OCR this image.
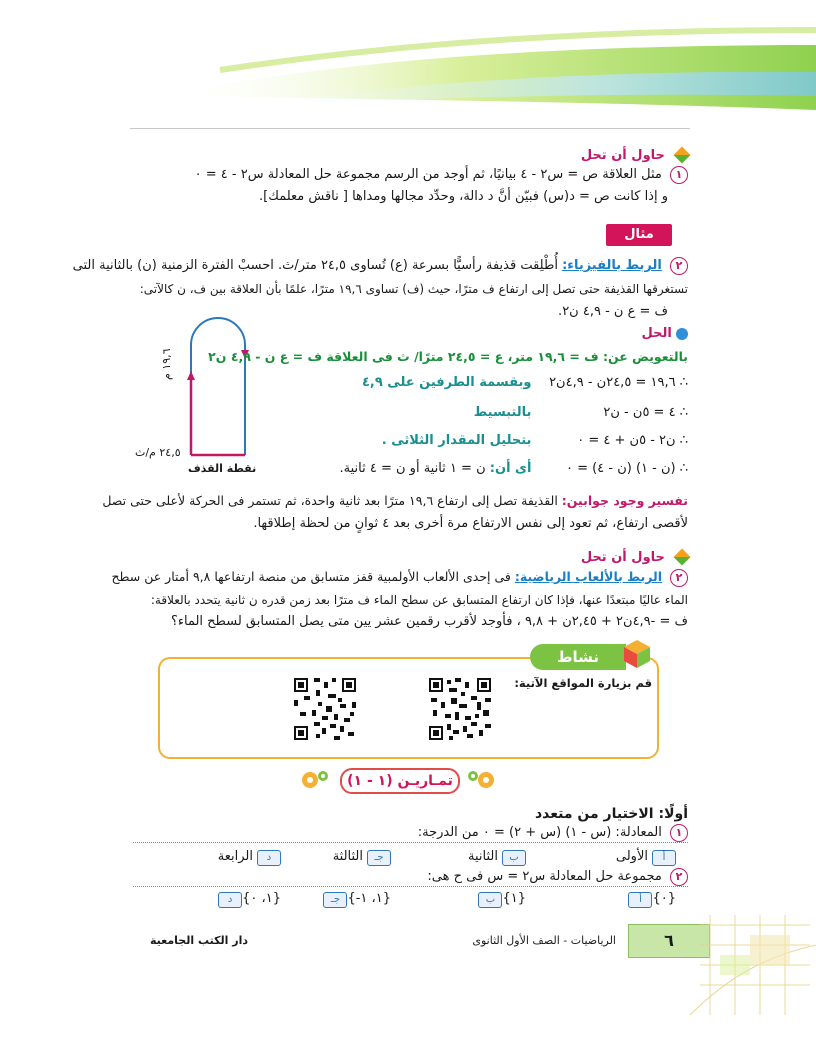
حاول أن تحل
١ مثل العلاقة ص = س٢ - ٤ بيانيًا، ثم أوجد من الرسم مجموعة حل المعادلة س٢ - ٤ = ٠
و إذا كانت ص = د(س) فبيّن أنَّ د دالة، وحدِّد مجالها ومداها [ ناقش معلمك].
مثال
٢ الربط بالفيزياء: أُطْلِقت قذيفة رأسيًّا بسرعة (ع) تُساوى ٢٤,٥ متر/ث. احسبْ الفترة الزمنية (ن) بالثانية التى
تستغرقها القذيفة حتى تصل إلى ارتفاع ف مترًا، حيث (ف) تساوى ١٩,٦ مترًا، علمًا بأن العلاقة بين ف، ن كالآتى:
ف = ع ن - ٤,٩ ن٢.
١٩,٦ م
٢٤,٥ م/ث
نقطة القذف
الحل
بالتعويض عن: ف = ١٩,٦ متر، ع = ٢٤,٥ مترًا/ ث فى العلاقة ف = ع ن - ٤,٩ ن٢
∴ ١٩,٦ = ٢٤,٥ن - ٤,٩ن٢ وبقسمة الطرفين على ٤,٩
∴ ٤ = ٥ن - ن٢ بالتبسيط
∴ ن٢ - ٥ن + ٤ = ٠ بتحليل المقدار الثلاثى .
∴ (ن - ١) (ن - ٤) = ٠ أى أن: ن = ١ ثانية أو ن = ٤ ثانية.
تفسير وجود جوابين: القذيفة تصل إلى ارتفاع ١٩,٦ مترًا بعد ثانية واحدة، ثم تستمر فى الحركة لأعلى حتى تصل
لأقصى ارتفاع، ثم تعود إلى نفس الارتفاع مرة أخرى بعد ٤ ثوانٍ من لحظة إطلاقها.
حاول أن تحل
٢ الربط بالألعاب الرياضية: فى إحدى الألعاب الأولمبية قفز متسابق من منصة ارتفاعها ٩,٨ أمتار عن سطح
الماء عاليًا مبتعدًا عنها، فإذا كان ارتفاع المتسابق عن سطح الماء ف مترًا بعد زمن قدره ن ثانية يتحدد بالعلاقة:
ف = -٤,٩ن٢ + ٢,٤٥ن + ٩,٨ ، فأوجد لأقرب رقمين عشر يين متى يصل المتسابق لسطح الماء؟
نشاط
قم بزيارة المواقع الآتية:
تمـاريـن (١ - ١)
أولًا: الاختيار من متعدد
١ المعادلة: (س - ١) (س + ٢) = ٠ من الدرجة:
أالأولى
بالثانية
جـالثالثة
دالرابعة
٢ مجموعة حل المعادلة س٢ = س فى ح هى:
أ {٠}
ب {١}
جـ {-١، ١}
د {١، ٠}
٦
الرياضيات - الصف الأول الثانوى
دار الكتب الجامعية
